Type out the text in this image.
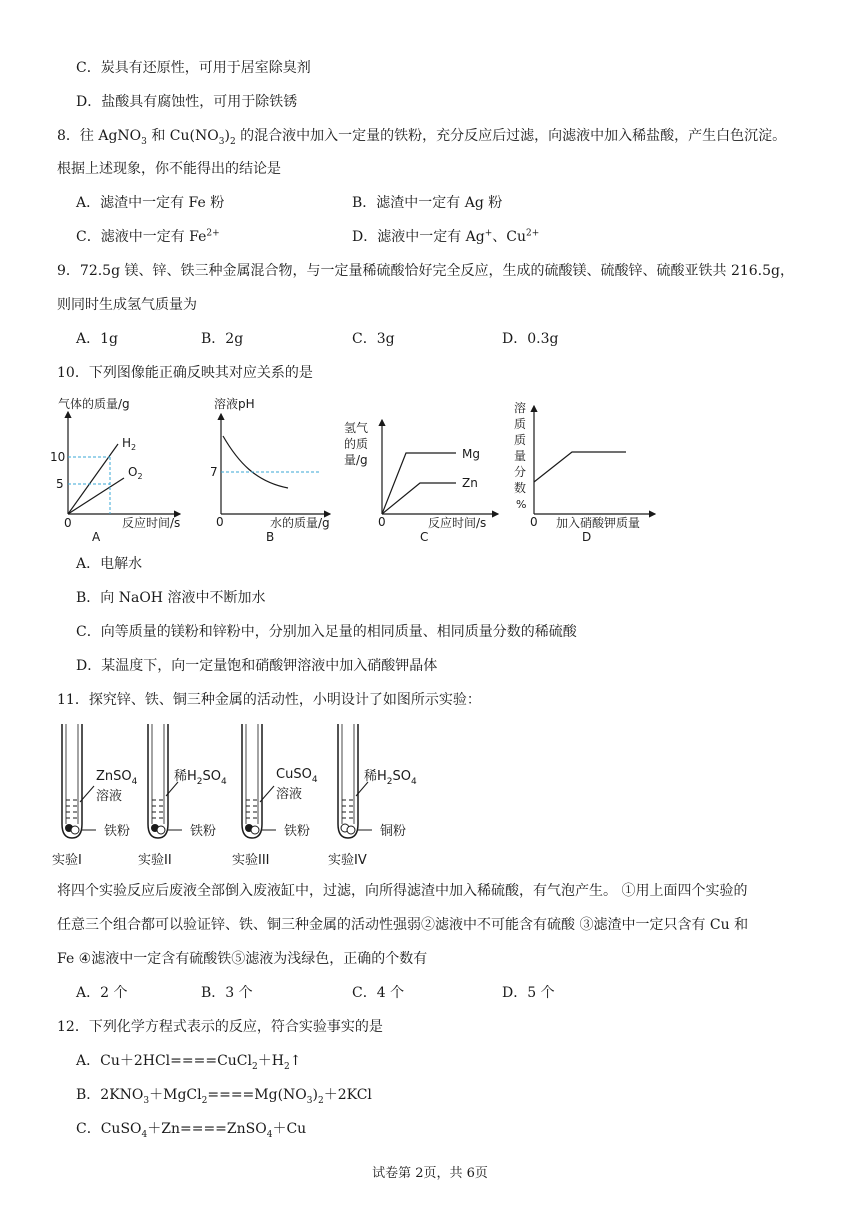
C．炭具有还原性，可用于居室除臭剂
D．盐酸具有腐蚀性，可用于除铁锈
8．往 AgNO$_3$ 和 $Cu(NO_3)_2$ 的混合液中加入一定量的铁粉，充分反应后过滤，向滤液中加入稀盐酸，产生白色沉淀。
根据上述现象，你不能得出的结论是
A．滤渣中一定有 Fe 粉	B．滤渣中一定有 Ag 粉
C．滤液中一定有 $Fe^{2+}$	D．滤液中一定有 Ag+、$Cu^{2+}$
9．72.5g 镁、锌、铁三种金属混合物，与一定量稀硫酸恰好完全反应，生成的硫酸镁、硫酸锌、硫酸亚铁共 216.5g，
则同时生成氢气质量为
A．1g	B．2g	C．3g	D．0.3g
10．下列图像能正确反映其对应关系的是
气体的质量/g
10
5
0
$H_2$
$O_2$
反应时间/s
A
溶液pH
7
0	水的质量/g
B
氢气
的质
量/g	Mg
Zn
0	反应时间/s
C
溶
质
质
量
分
数
%
0 加入硝酸钾质量
D
A．电解水
B．向 NaOH 溶液中不断加水
C．向等质量的镁粉和锌粉中，分别加入足量的相同质量、相同质量分数的稀硫酸
D．某温度下，向一定量饱和硝酸钾溶液中加入硝酸钾晶体
11．探究锌、铁、铜三种金属的活动性，小明设计了如图所示实验：
ZnSO$_4$
溶液
铁粉
实验I
稀$H_2SO_4$
铁粉
实验II
CuSO$_4$
溶液
铁粉
实验III
稀$H_2SO_4$
铜粉
实验IV
将四个实验反应后废液全部倒入废液缸中，过滤，向所得滤渣中加入稀硫酸，有气泡产生。 ①用上面四个实验的
任意三个组合都可以验证锌、铁、铜三种金属的活动性强弱②滤液中不可能含有硫酸 ③滤渣中一定只含有 Cu 和
Fe ④滤液中一定含有硫酸铁⑤滤液为浅绿色，正确的个数有
A．2 个	B．3 个	C．4 个	D．5 个
12．下列化学方程式表示的反应，符合实验事实的是
A．$Cu+2HCl====CuCl_2+H_2↑$
B．$2KNO_3+MgCl_2====Mg(NO_3)_2+2KCl$
C．CuSO$_4$＋Zn====ZnSO$_4$＋Cu
试卷第 2页，共 6页
